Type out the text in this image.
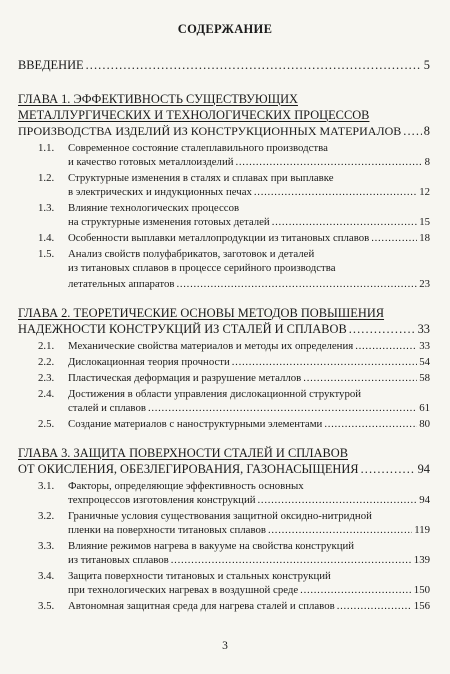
СОДЕРЖАНИЕ
ВВЕДЕНИЕ . . .	5
ГЛАВА 1. ЭФФЕКТИВНОСТЬ СУЩЕСТВУЮЩИХ
МЕТАЛЛУРГИЧЕСКИХ И ТЕХНОЛОГИЧЕСКИХ ПРОЦЕССОВ
ПРОИЗВОДСТВА ИЗДЕЛИЙ ИЗ КОНСТРУКЦИОННЫХ МАТЕРИАЛОВ . . . 8
1.1. Современное состояние сталеплавильного производства
и качество готовых металлоизделий . . .	8
1.2. Структурные изменения в сталях и сплавах при выплавке
в электрических и индукционных печах . . .	12
1.3. Влияние технологических процессов
на структурные изменения готовых деталей . . .	15
1.4. Особенности выплавки металлопродукции из титановых сплавов . . .	18
1.5. Анализ свойств полуфабрикатов, заготовок и деталей
из титановых сплавов в процессе серийного производства
летательных аппаратов . . .	23
ГЛАВА 2. ТЕОРЕТИЧЕСКИЕ ОСНОВЫ МЕТОДОВ ПОВЫШЕНИЯ
НАДЕЖНОСТИ КОНСТРУКЦИЙ ИЗ СТАЛЕЙ И СПЛАВОВ . . .	33
2.1. Механические свойства материалов и методы их определения . . .	33
2.2. Дислокационная теория прочности . . .	54
2.3. Пластическая деформация и разрушение металлов . . .	58
2.4. Достижения в области управления дислокационной структурой
сталей и сплавов . . .	61
2.5. Создание материалов с наноструктурными элементами . . .	80
ГЛАВА 3. ЗАЩИТА ПОВЕРХНОСТИ СТАЛЕЙ И СПЛАВОВ
ОТ ОКИСЛЕНИЯ, ОБЕЗЛЕГИРОВАНИЯ, ГАЗОНАСЫЩЕНИЯ . . .	94
3.1. Факторы, определяющие эффективность основных
техпроцессов изготовления конструкций . . .	94
3.2. Граничные условия существования защитной оксидно-нитридной
пленки на поверхности титановых сплавов . . .	119
3.3. Влияние режимов нагрева в вакууме на свойства конструкций
из титановых сплавов . . .	139
3.4. Защита поверхности титановых и стальных конструкций
при технологических нагревах в воздушной среде . . .	150
3.5. Автономная защитная среда для нагрева сталей и сплавов . . .	156
3
